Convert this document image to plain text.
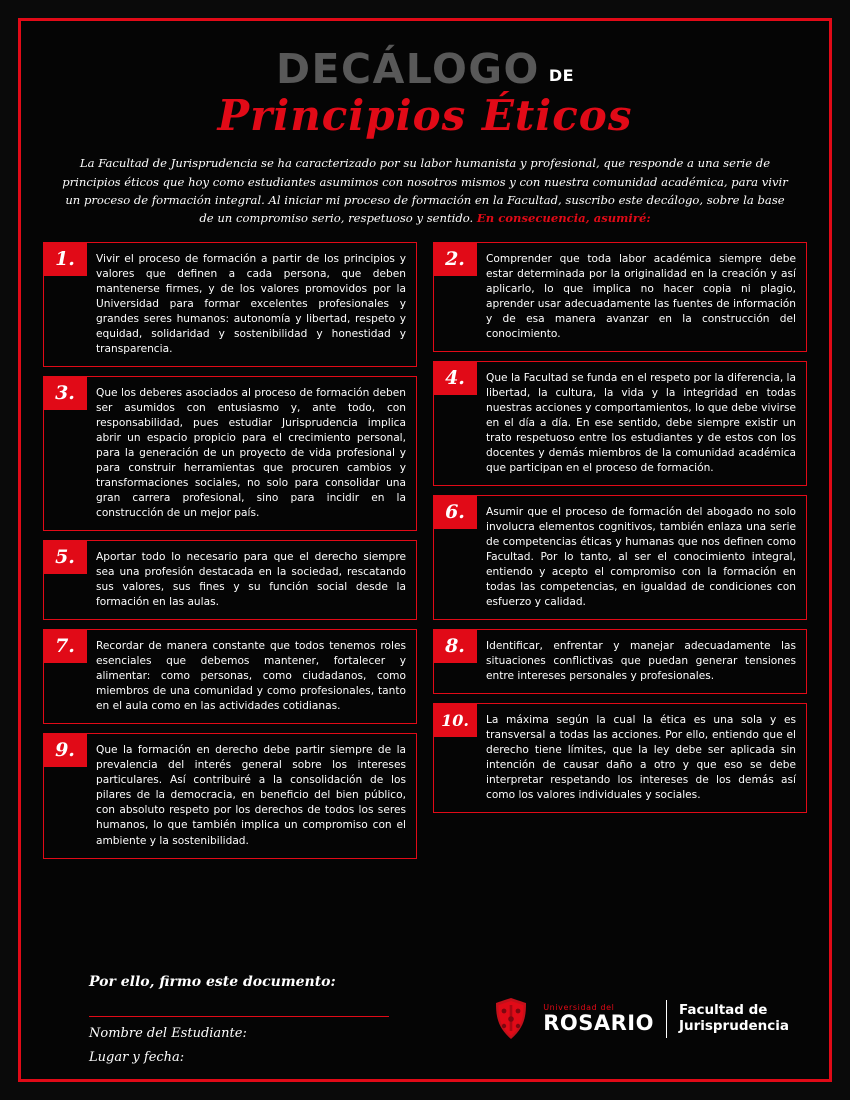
DECÁLOGO DE
Principios Éticos
La Facultad de Jurisprudencia se ha caracterizado por su labor humanista y profesional, que responde a una serie de principios éticos que hoy como estudiantes asumimos con nosotros mismos y con nuestra comunidad académica, para vivir un proceso de formación integral. Al iniciar mi proceso de formación en la Facultad, suscribo este decálogo, sobre la base de un compromiso serio, respetuoso y sentido. En consecuencia, asumiré:
1.	Vivir el proceso de formación a partir de los principios y valores que definen a cada persona, que deben mantenerse firmes, y de los valores promovidos por la Universidad para formar excelentes profesionales y grandes seres humanos: autonomía y libertad, respeto y equidad, solidaridad y sostenibilidad y honestidad y transparencia.
3.	Que los deberes asociados al proceso de formación deben ser asumidos con entusiasmo y, ante todo, con responsabilidad, pues estudiar Jurisprudencia implica abrir un espacio propicio para el crecimiento personal, para la generación de un proyecto de vida profesional y para construir herramientas que procuren cambios y transformaciones sociales, no solo para consolidar una gran carrera profesional, sino para incidir en la construcción de un mejor país.
5.	Aportar todo lo necesario para que el derecho siempre sea una profesión destacada en la sociedad, rescatando sus valores, sus fines y su función social desde la formación en las aulas.
7.	Recordar de manera constante que todos tenemos roles esenciales que debemos mantener, fortalecer y alimentar: como personas, como ciudadanos, como miembros de una comunidad y como profesionales, tanto en el aula como en las actividades cotidianas.
9.	Que la formación en derecho debe partir siempre de la prevalencia del interés general sobre los intereses particulares. Así contribuiré a la consolidación de los pilares de la democracia, en beneficio del bien público, con absoluto respeto por los derechos de todos los seres humanos, lo que también implica un compromiso con el ambiente y la sostenibilidad.
2.	Comprender que toda labor académica siempre debe estar determinada por la originalidad en la creación y así aplicarlo, lo que implica no hacer copia ni plagio, aprender usar adecuadamente las fuentes de información y de esa manera avanzar en la construcción del conocimiento.
4.	Que la Facultad se funda en el respeto por la diferencia, la libertad, la cultura, la vida y la integridad en todas nuestras acciones y comportamientos, lo que debe vivirse en el día a día. En ese sentido, debe siempre existir un trato respetuoso entre los estudiantes y de estos con los docentes y demás miembros de la comunidad académica que participan en el proceso de formación.
6.	Asumir que el proceso de formación del abogado no solo involucra elementos cognitivos, también enlaza una serie de competencias éticas y humanas que nos definen como Facultad. Por lo tanto, al ser el conocimiento integral, entiendo y acepto el compromiso con la formación en todas las competencias, en igualdad de condiciones con esfuerzo y calidad.
8.	Identificar, enfrentar y manejar adecuadamente las situaciones conflictivas que puedan generar tensiones entre intereses personales y profesionales.
10.	La máxima según la cual la ética es una sola y es transversal a todas las acciones. Por ello, entiendo que el derecho tiene límites, que la ley debe ser aplicada sin intención de causar daño a otro y que eso se debe interpretar respetando los intereses de los demás así como los valores individuales y sociales.
Por ello, firmo este documento:
Nombre del Estudiante:
Lugar y fecha:
Universidad del
ROSARIO
Facultad de
Jurisprudencia
